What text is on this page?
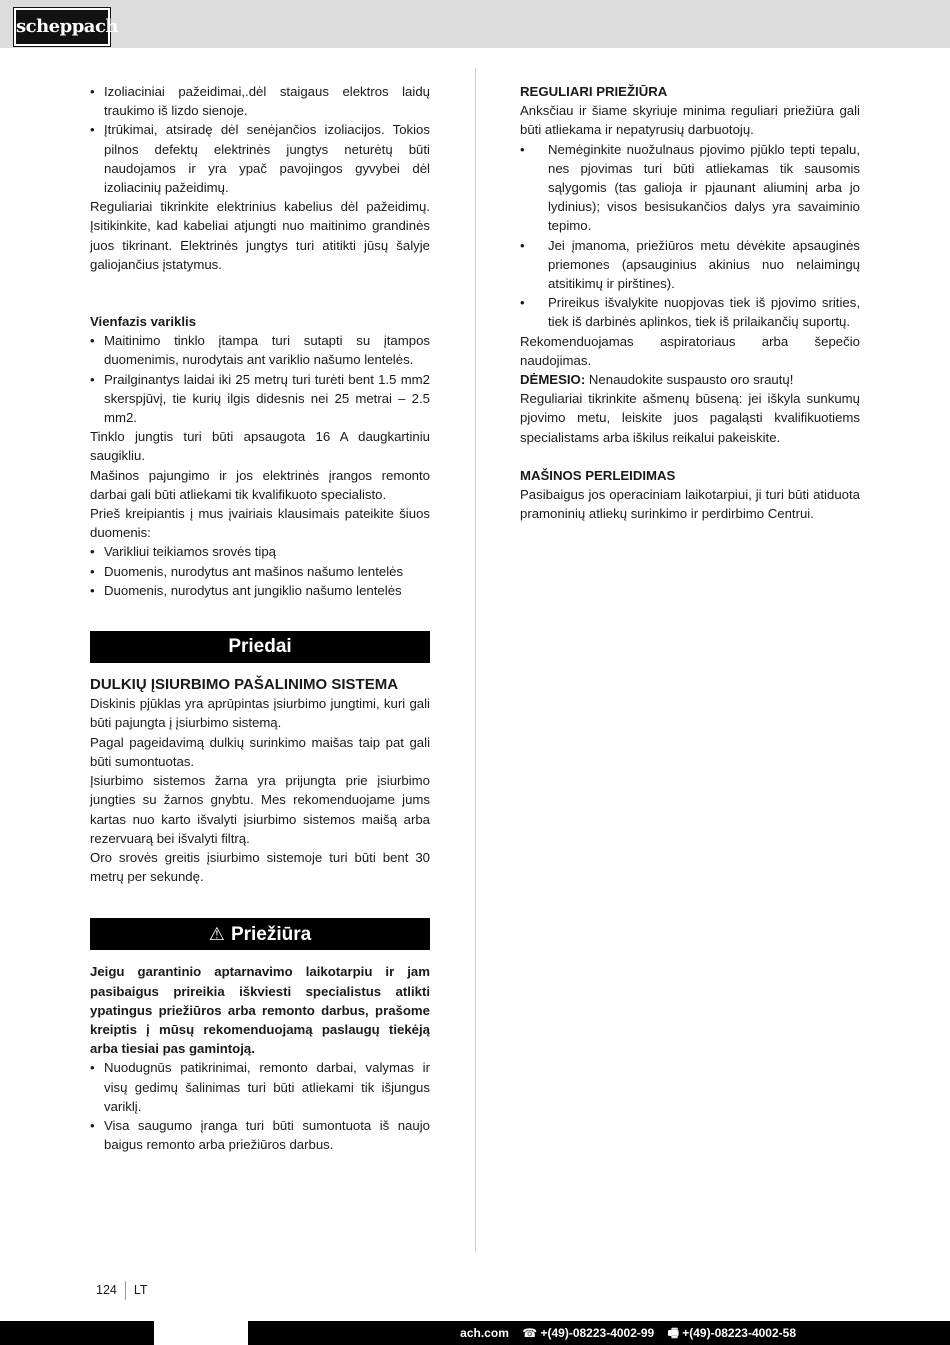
scheppach
• Izoliaciniai pažeidimai,.dėl staigaus elektros laidų traukimo iš lizdo sienoje.
• Įtrūkimai, atsiradę dėl senėjančios izoliacijos. Tokios pilnos defektų elektrinės jungtys neturėtų būti naudojamos ir yra ypač pavojingos gyvybei dėl izoliacinių pažeidimų.

Reguliariai tikrinkite elektrinius kabelius dėl pažeidimų. Įsitikinkite, kad kabeliai atjungti nuo maitinimo grandinės juos tikrinant. Elektrinės jungtys turi atitikti jūsų šalyje galiojančius įstatymus.

Vienfazis variklis
• Maitinimo tinklo įtampa turi sutapti su įtampos duomenimis, nurodytais ant variklio našumo lentelės.
• Prailginantys laidai iki 25 metrų turi turėti bent 1.5 mm2 skerspjūvį, tie kurių ilgis didesnis nei 25 metrai – 2.5 mm2.

Tinklo jungtis turi būti apsaugota 16 A daugkartiniu saugikliu.

Mašinos pajungimo ir jos elektrinės įrangos remonto darbai gali būti atliekami tik kvalifikuoto specialisto.

Prieš kreipiantis į mus įvairiais klausimais pateikite šiuos duomenis:

• Varikliui teikiamos srovės tipą
• Duomenis, nurodytus ant mašinos našumo lentelės
• Duomenis, nurodytus ant jungiklio našumo lentelės
Priedai
DULKIŲ ĮSIURBIMO PAŠALINIMO SISTEMA

Diskinis pjūklas yra aprūpintas įsiurbimo jungtimi, kuri gali būti pajungta į įsiurbimo sistemą.

Pagal pageidavimą dulkių surinkimo maišas taip pat gali būti sumontuotas.

Įsiurbimo sistemos žarna yra prijungta prie įsiurbimo jungties su žarnos gnybtu. Mes rekomenduojame jums kartas nuo karto išvalyti įsiurbimo sistemos maišą arba rezervuarą bei išvalyti filtrą.

Oro srovės greitis įsiurbimo sistemoje turi būti bent 30 metrų per sekundę.

⚠ Priežiūra

Jeigu garantinio aptarnavimo laikotarpiu ir jam pasibaigus prireikia iškviesti specialistus atlikti ypatingus priežiūros arba remonto darbus, prašome kreiptis į mūsų rekomenduojamą paslaugų tiekėją arba tiesiai pas gamintoją.

• Nuodugnūs patikrinimai, remonto darbai, valymas ir visų gedimų šalinimas turi būti atliekami tik išjungus variklį.
• Visa saugumo įranga turi būti sumontuota iš naujo baigus remonto arba priežiūros darbus.
REGULIARI PRIEŽIŪRA

Anksčiau ir šiame skyriuje minima reguliari priežiūra gali būti atliekama ir nepatyrusių darbuotojų.

• Nemėginkite nuožulnaus pjovimo pjūklo tepti tepalu, nes pjovimas turi būti atliekamas tik sausomis sąlygomis (tas galioja ir pjaunant aliuminį arba jo lydinius); visos besisukančios dalys yra savaiminio tepimo.
• Jei įmanoma, priežiūros metu dėvėkite apsauginės priemones (apsauginius akinius nuo nelaimingų atsitikimų ir pirštines).
• Prireikus išvalykite nuopjovas tiek iš pjovimo srities, tiek iš darbinės aplinkos, tiek iš prilaikančių suportų.

Rekomenduojamas aspiratoriaus arba šepečio naudojimas.

DĖMESIO: Nenaudokite suspausto oro srautų!

Reguliariai tikrinkite ašmenų būseną: jei iškyla sunkumų pjovimo metu, leiskite juos pagaląsti kvalifikuotiems specialistams arba iškilus reikalui pakeiskite.

MAŠINOS PERLEIDIMAS

Pasibaigus jos operaciniam laikotarpiui, ji turi būti atiduota pramoninių atliekų surinkimo ir perdirbimo Centrui.

124 LT
ach.com ☎ +(49)-08223-4002-99 🖷 +(49)-08223-4002-58
